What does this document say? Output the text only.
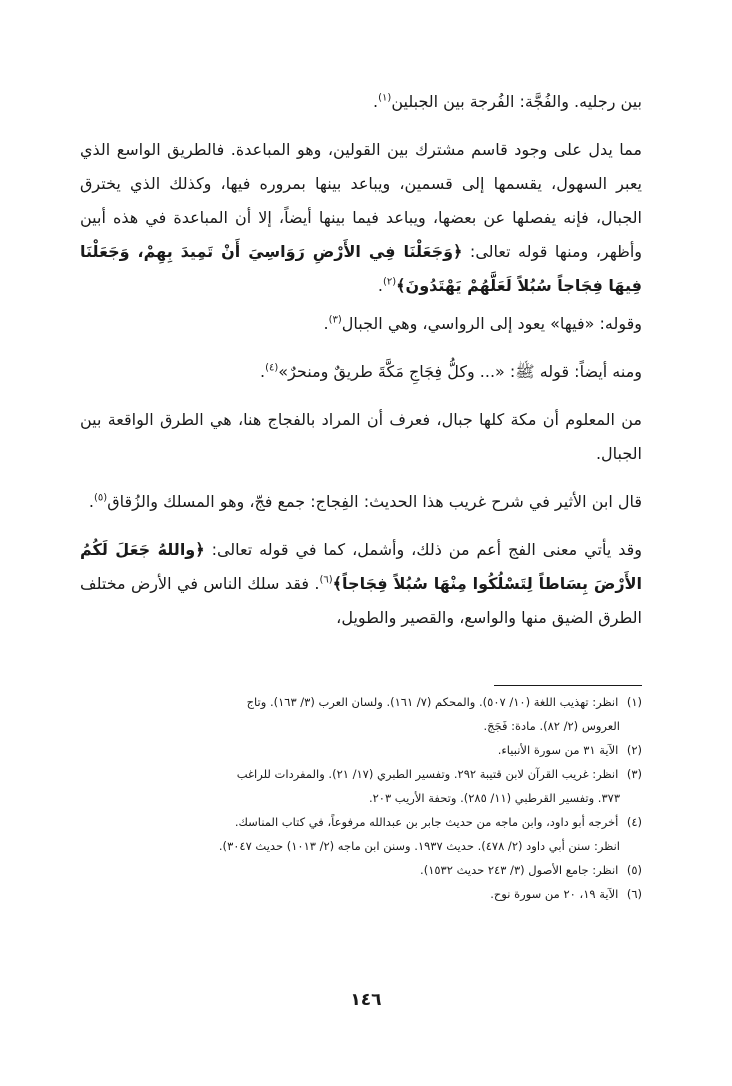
بين رجليه. والفُجَّة: الفُرجة بين الجبلين$^{(١)}$.

مما يدل على وجود قاسم مشترك بين القولين، وهو المباعدة. فالطريق الواسع الذي يعبر السهول، يقسمها إلى قسمين، ويباعد بينها بمروره فيها، وكذلك الذي يخترق الجبال، فإنه يفصلها عن بعضها، ويباعد فيما بينها أيضاً، إلا أن المباعدة في هذه أبين وأظهر، ومنها قوله تعالى: ﴿وَجَعَلْنَا فِي الأَرْضِ رَوَاسِيَ أَنْ تَمِيدَ بِهِمْ، وَجَعَلْنَا فِيهَا فِجَاجاً سُبُلاً لَعَلَّهُمْ يَهْتَدُونَ﴾$^{(٢)}$.

وقوله: «فيها» يعود إلى الرواسي، وهي الجبال$^{(٣)}$.

ومنه أيضاً: قوله ﷺ: «... وكلُّ فِجَاجِ مَكَّةَ طريقٌ ومنحرٌ»$^{(٤)}$.

من المعلوم أن مكة كلها جبال، فعرف أن المراد بالفجاج هنا، هي الطرق الواقعة بين الجبال.

قال ابن الأثير في شرح غريب هذا الحديث: الفِجاج: جمع فجّ، وهو المسلك والزُقاق$^{(٥)}$.

وقد يأتي معنى الفج أعم من ذلك، وأشمل، كما في قوله تعالى: ﴿واللهُ جَعَلَ لَكُمُ الأَرْضَ بِسَاطاً لِتَسْلُكُوا مِنْهَا سُبُلاً فِجَاجاً﴾$^{(٦)}$. فقد سلك الناس في الأرض مختلف الطرق الضيق منها والواسع، والقصير والطويل،

(١) انظر: تهذيب اللغة (١٠/ ٥٠٧). والمحكم (٧/ ١٦١). ولسان العرب (٣/ ١٦٣). وتاج
العروس (٢/ ٨٢). مادة: فَجَجَ.
(٢) الآية ٣١ من سورة الأنبياء.
(٣) انظر: غريب القرآن لابن قتيبة ٢٩٢. وتفسير الطبري (١٧/ ٢١). والمفردات للراغب
٣٧٣. وتفسير القرطبي (١١/ ٢٨٥). وتحفة الأريب ٢٠٣.
(٤) أخرجه أبو داود، وابن ماجه من حديث جابر بن عبدالله مرفوعاً، في كتاب المناسك.
انظر: سنن أبي داود (٢/ ٤٧٨). حديث ١٩٣٧. وسنن ابن ماجه (٢/ ١٠١٣) حديث ٣٠٤٧).
(٥) انظر: جامع الأصول (٣/ ٢٤٣ حديث ١٥٣٢).
(٦) الآية ١٩، ٢٠ من سورة نوح.
١٤٦
